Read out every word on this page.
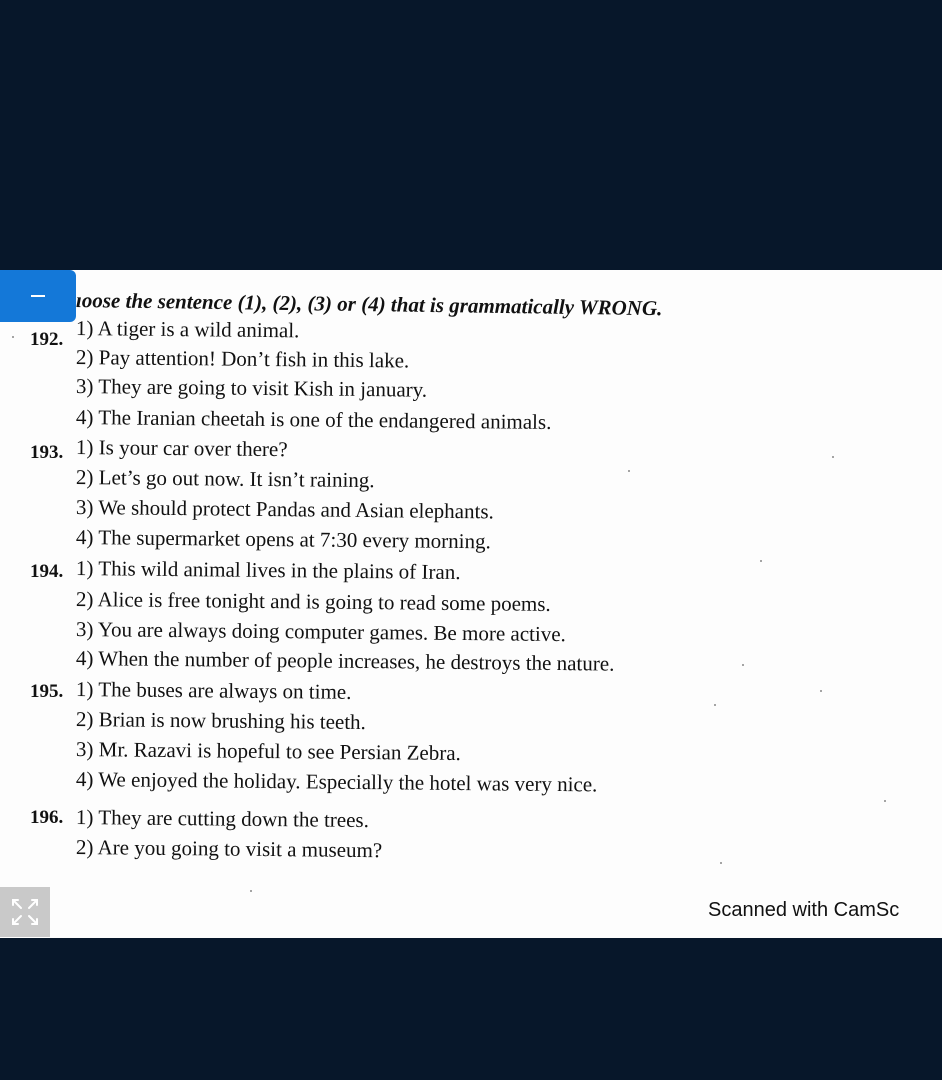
ıoose the sentence (1), (2), (3) or (4) that is grammatically WRONG.
192. 1) A tiger is a wild animal.
2) Pay attention! Don’t fish in this lake.
3) They are going to visit Kish in january.
4) The Iranian cheetah is one of the endangered animals.
193. 1) Is your car over there?
2) Let’s go out now. It isn’t raining.
3) We should protect Pandas and Asian elephants.
4) The supermarket opens at 7:30 every morning.
194. 1) This wild animal lives in the plains of Iran.
2) Alice is free tonight and is going to read some poems.
3) You are always doing computer games. Be more active.
4) When the number of people increases, he destroys the nature.
195. 1) The buses are always on time.
2) Brian is now brushing his teeth.
3) Mr. Razavi is hopeful to see Persian Zebra.
4) We enjoyed the holiday. Especially the hotel was very nice.
196. 1) They are cutting down the trees.
2) Are you going to visit a museum?
Scanned with CamSc
